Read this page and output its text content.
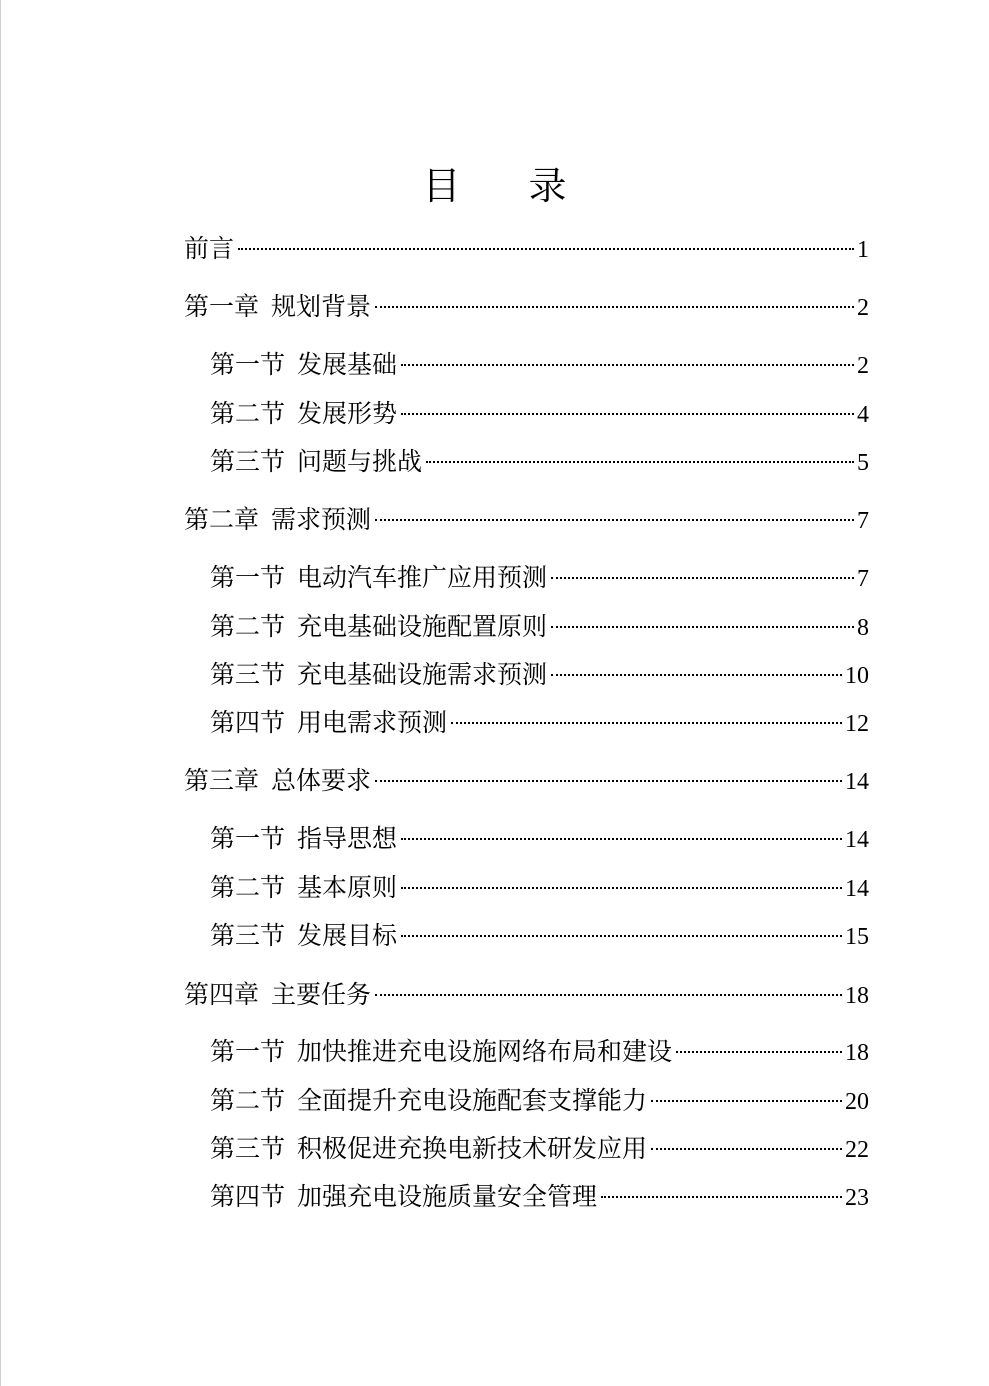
目 录
前言	1
第一章 规划背景	2
第一节 发展基础	2
第二节 发展形势	4
第三节 问题与挑战	5
第二章 需求预测	7
第一节 电动汽车推广应用预测	7
第二节 充电基础设施配置原则	8
第三节 充电基础设施需求预测	10
第四节 用电需求预测	12
第三章 总体要求	14
第一节 指导思想	14
第二节 基本原则	14
第三节 发展目标	15
第四章 主要任务	18
第一节 加快推进充电设施网络布局和建设	18
第二节 全面提升充电设施配套支撑能力	20
第三节 积极促进充换电新技术研发应用	22
第四节 加强充电设施质量安全管理	23
